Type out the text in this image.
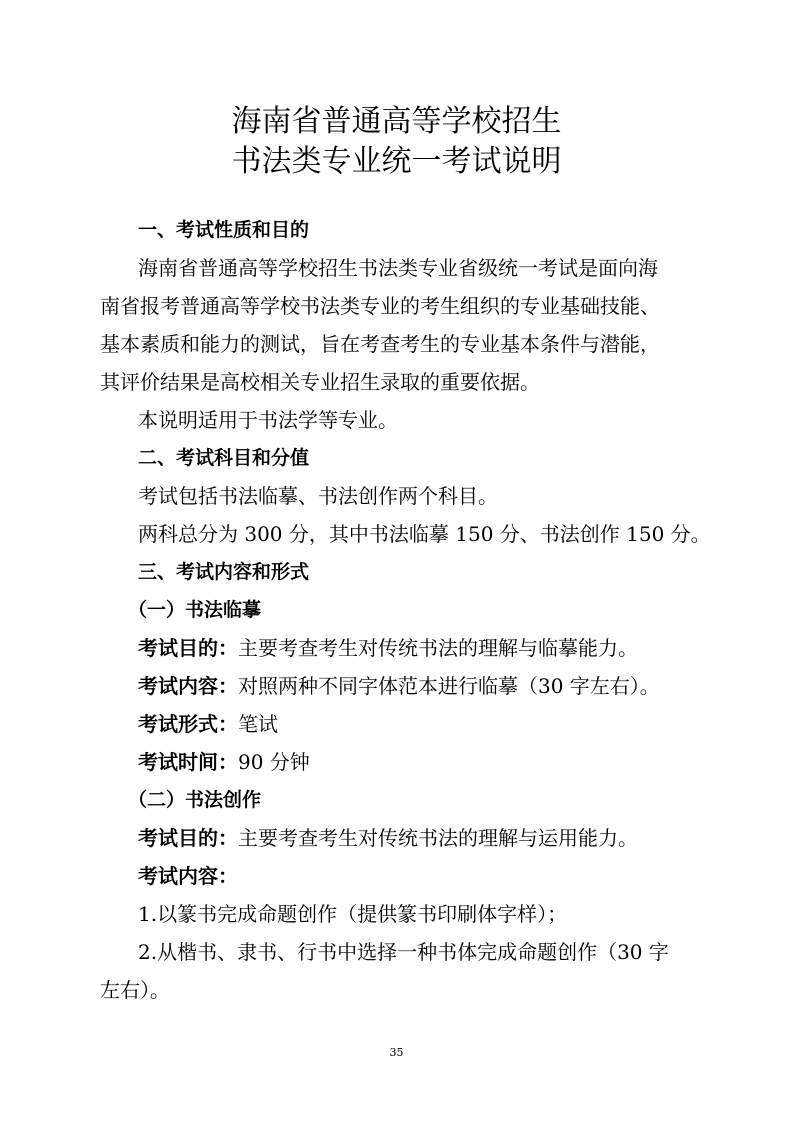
海南省普通高等学校招生
书法类专业统一考试说明
一、考试性质和目的
海南省普通高等学校招生书法类专业省级统一考试是面向海
南省报考普通高等学校书法类专业的考生组织的专业基础技能、
基本素质和能力的测试，旨在考查考生的专业基本条件与潜能，
其评价结果是高校相关专业招生录取的重要依据。
本说明适用于书法学等专业。
二、考试科目和分值
考试包括书法临摹、书法创作两个科目。
两科总分为 300 分，其中书法临摹 150 分、书法创作 150 分。
三、考试内容和形式
（一）书法临摹
考试目的：主要考查考生对传统书法的理解与临摹能力。
考试内容：对照两种不同字体范本进行临摹（30 字左右）。
考试形式：笔试
考试时间：90 分钟
（二）书法创作
考试目的：主要考查考生对传统书法的理解与运用能力。
考试内容：
1.以篆书完成命题创作（提供篆书印刷体字样）；
2.从楷书、隶书、行书中选择一种书体完成命题创作（30 字
左右）。
35
